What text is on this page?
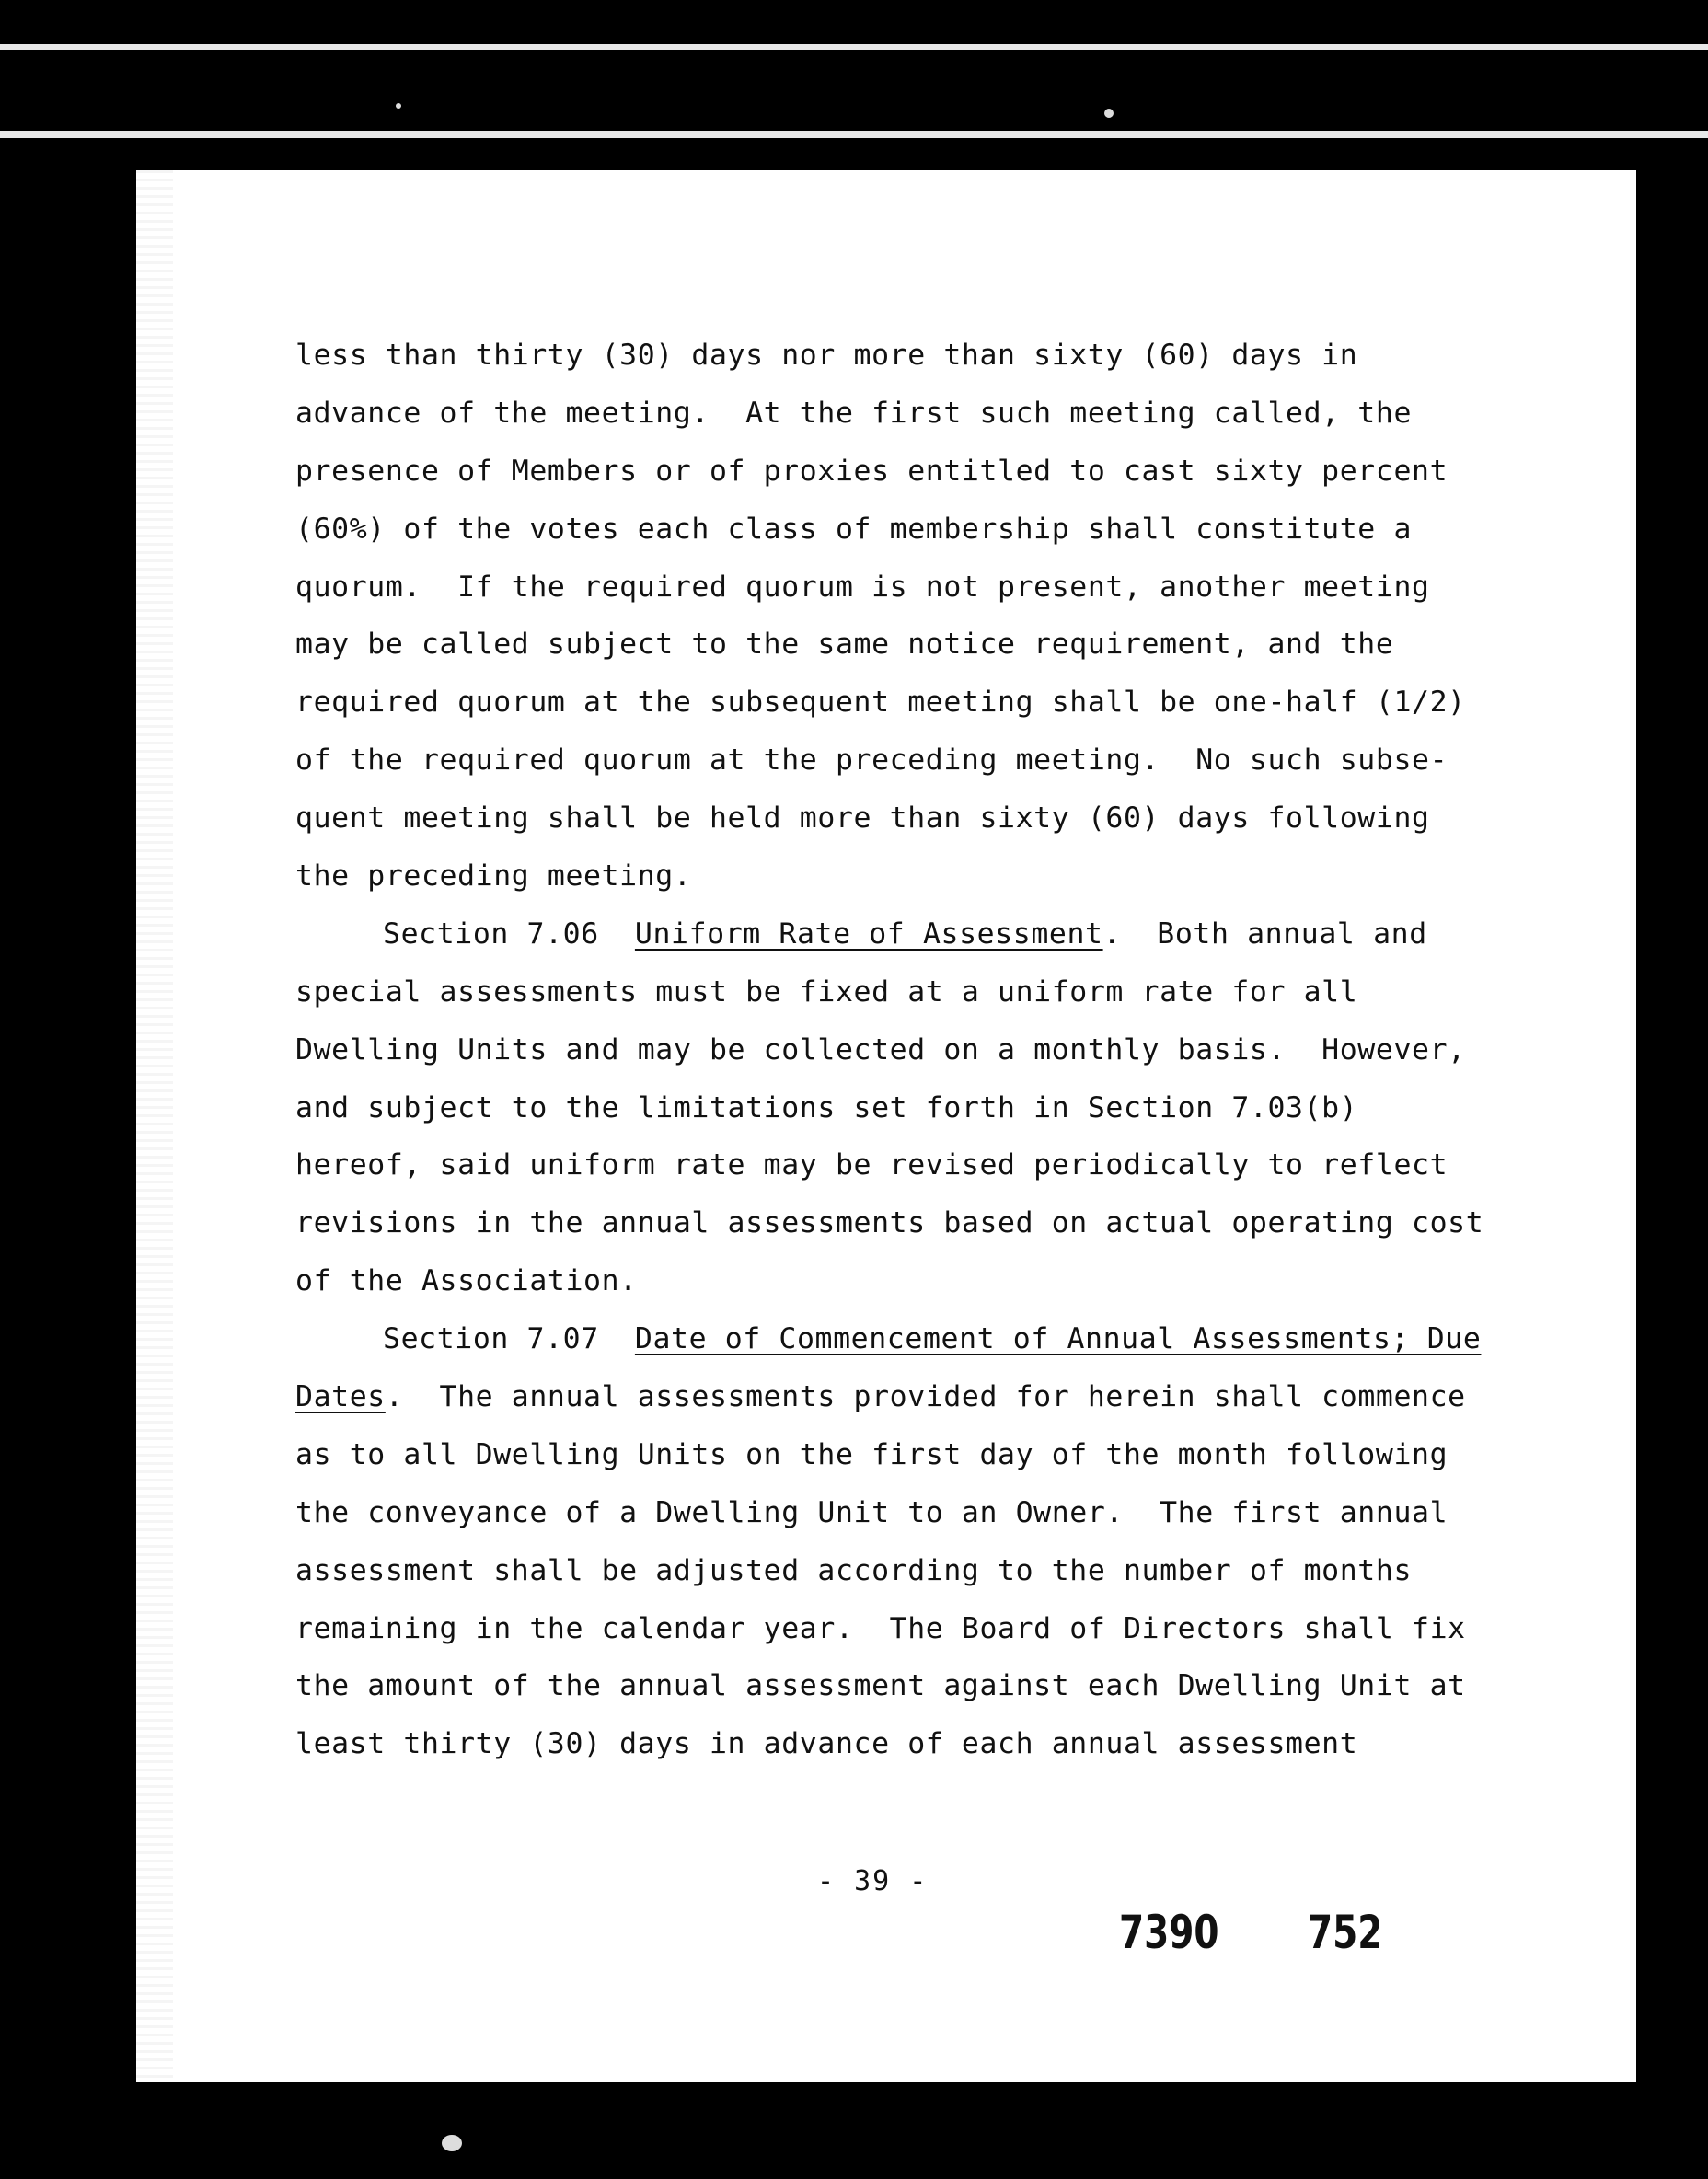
less than thirty (30) days nor more than sixty (60) days in
advance of the meeting.  At the first such meeting called, the
presence of Members or of proxies entitled to cast sixty percent
(60%) of the votes each class of membership shall constitute a
quorum.  If the required quorum is not present, another meeting
may be called subject to the same notice requirement, and the
required quorum at the subsequent meeting shall be one-half (1/2)
of the required quorum at the preceding meeting.  No such subse-
quent meeting shall be held more than sixty (60) days following
the preceding meeting.
Section 7.06  Uniform Rate of Assessment.  Both annual and
special assessments must be fixed at a uniform rate for all
Dwelling Units and may be collected on a monthly basis.  However,
and subject to the limitations set forth in Section 7.03(b)
hereof, said uniform rate may be revised periodically to reflect
revisions in the annual assessments based on actual operating cost
of the Association.
Section 7.07  Date of Commencement of Annual Assessments; Due
Dates.  The annual assessments provided for herein shall commence
as to all Dwelling Units on the first day of the month following
the conveyance of a Dwelling Unit to an Owner.  The first annual
assessment shall be adjusted according to the number of months
remaining in the calendar year.  The Board of Directors shall fix
the amount of the annual assessment against each Dwelling Unit at
least thirty (30) days in advance of each annual assessment
- 39 -
7390 752
